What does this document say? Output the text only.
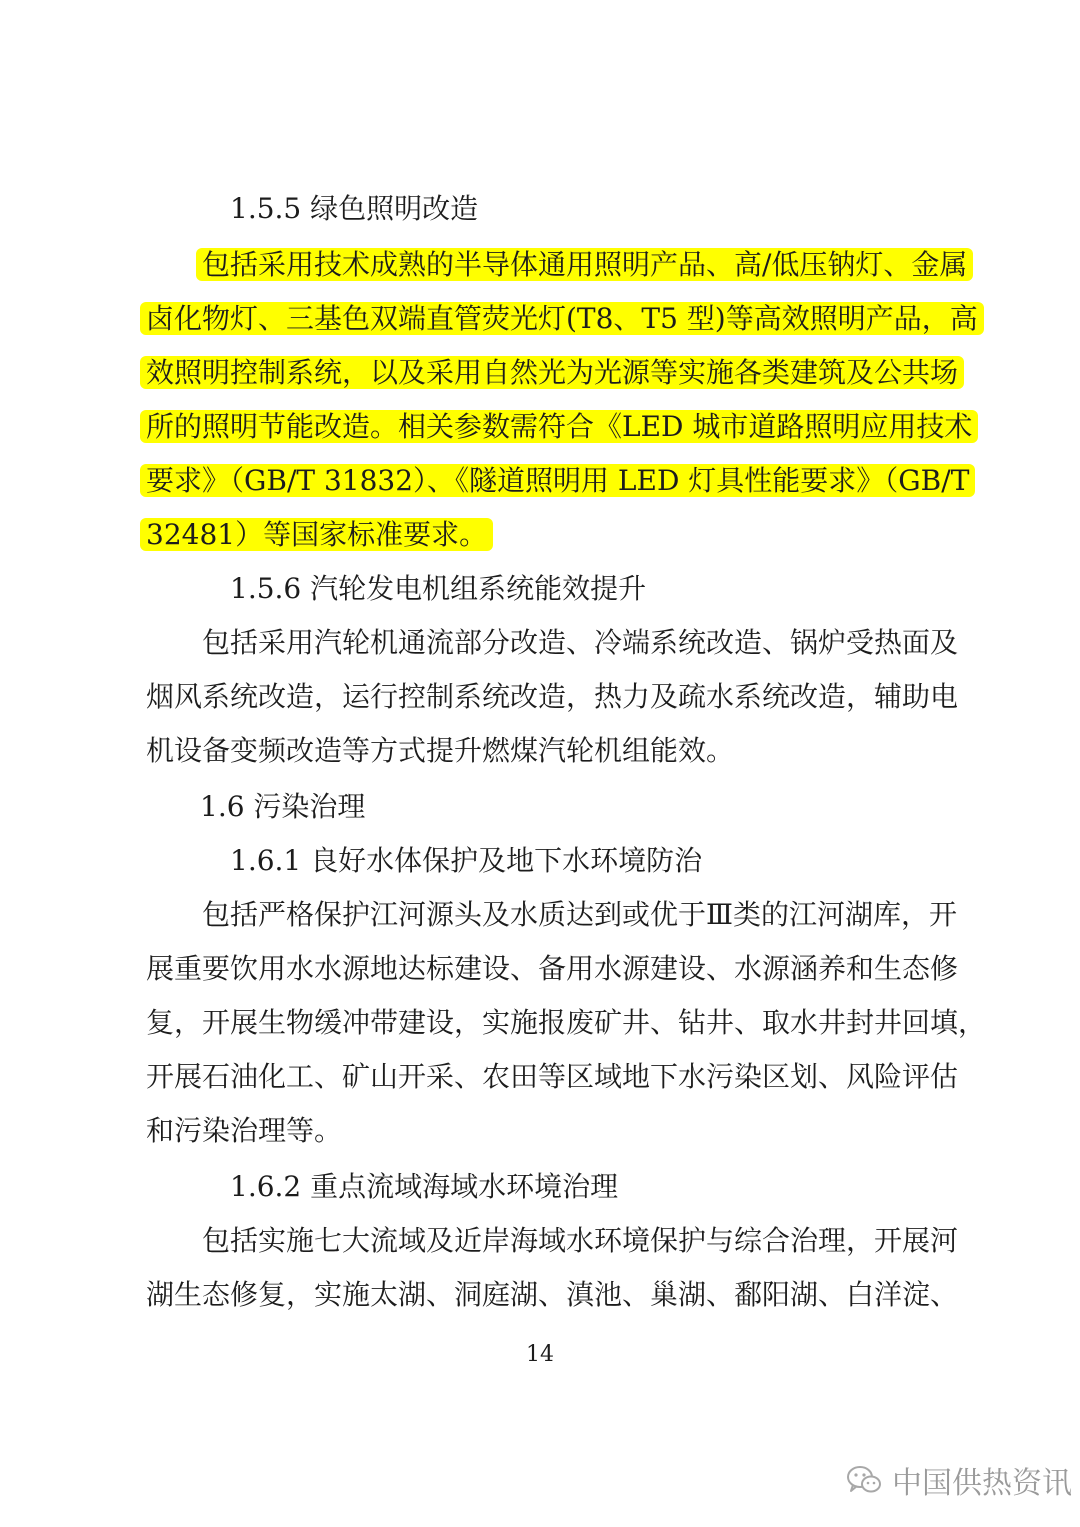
1.5.5 绿色照明改造
包括采用技术成熟的半导体通用照明产品、高/低压钠灯、金属
卤化物灯、三基色双端直管荧光灯(T8、T5 型)等高效照明产品，高
效照明控制系统，以及采用自然光为光源等实施各类建筑及公共场
所的照明节能改造。相关参数需符合《LED 城市道路照明应用技术
要求》（GB/T 31832）、《隧道照明用 LED 灯具性能要求》（GB/T
32481）等国家标准要求。
1.5.6 汽轮发电机组系统能效提升
包括采用汽轮机通流部分改造、冷端系统改造、锅炉受热面及
烟风系统改造，运行控制系统改造，热力及疏水系统改造，辅助电
机设备变频改造等方式提升燃煤汽轮机组能效。
1.6 污染治理
1.6.1 良好水体保护及地下水环境防治
包括严格保护江河源头及水质达到或优于Ⅲ类的江河湖库，开
展重要饮用水水源地达标建设、备用水源建设、水源涵养和生态修
复，开展生物缓冲带建设，实施报废矿井、钻井、取水井封井回填，
开展石油化工、矿山开采、农田等区域地下水污染区划、风险评估
和污染治理等。
1.6.2 重点流域海域水环境治理
包括实施七大流域及近岸海域水环境保护与综合治理，开展河
湖生态修复，实施太湖、洞庭湖、滇池、巢湖、鄱阳湖、白洋淀、
14
中国供热资讯
